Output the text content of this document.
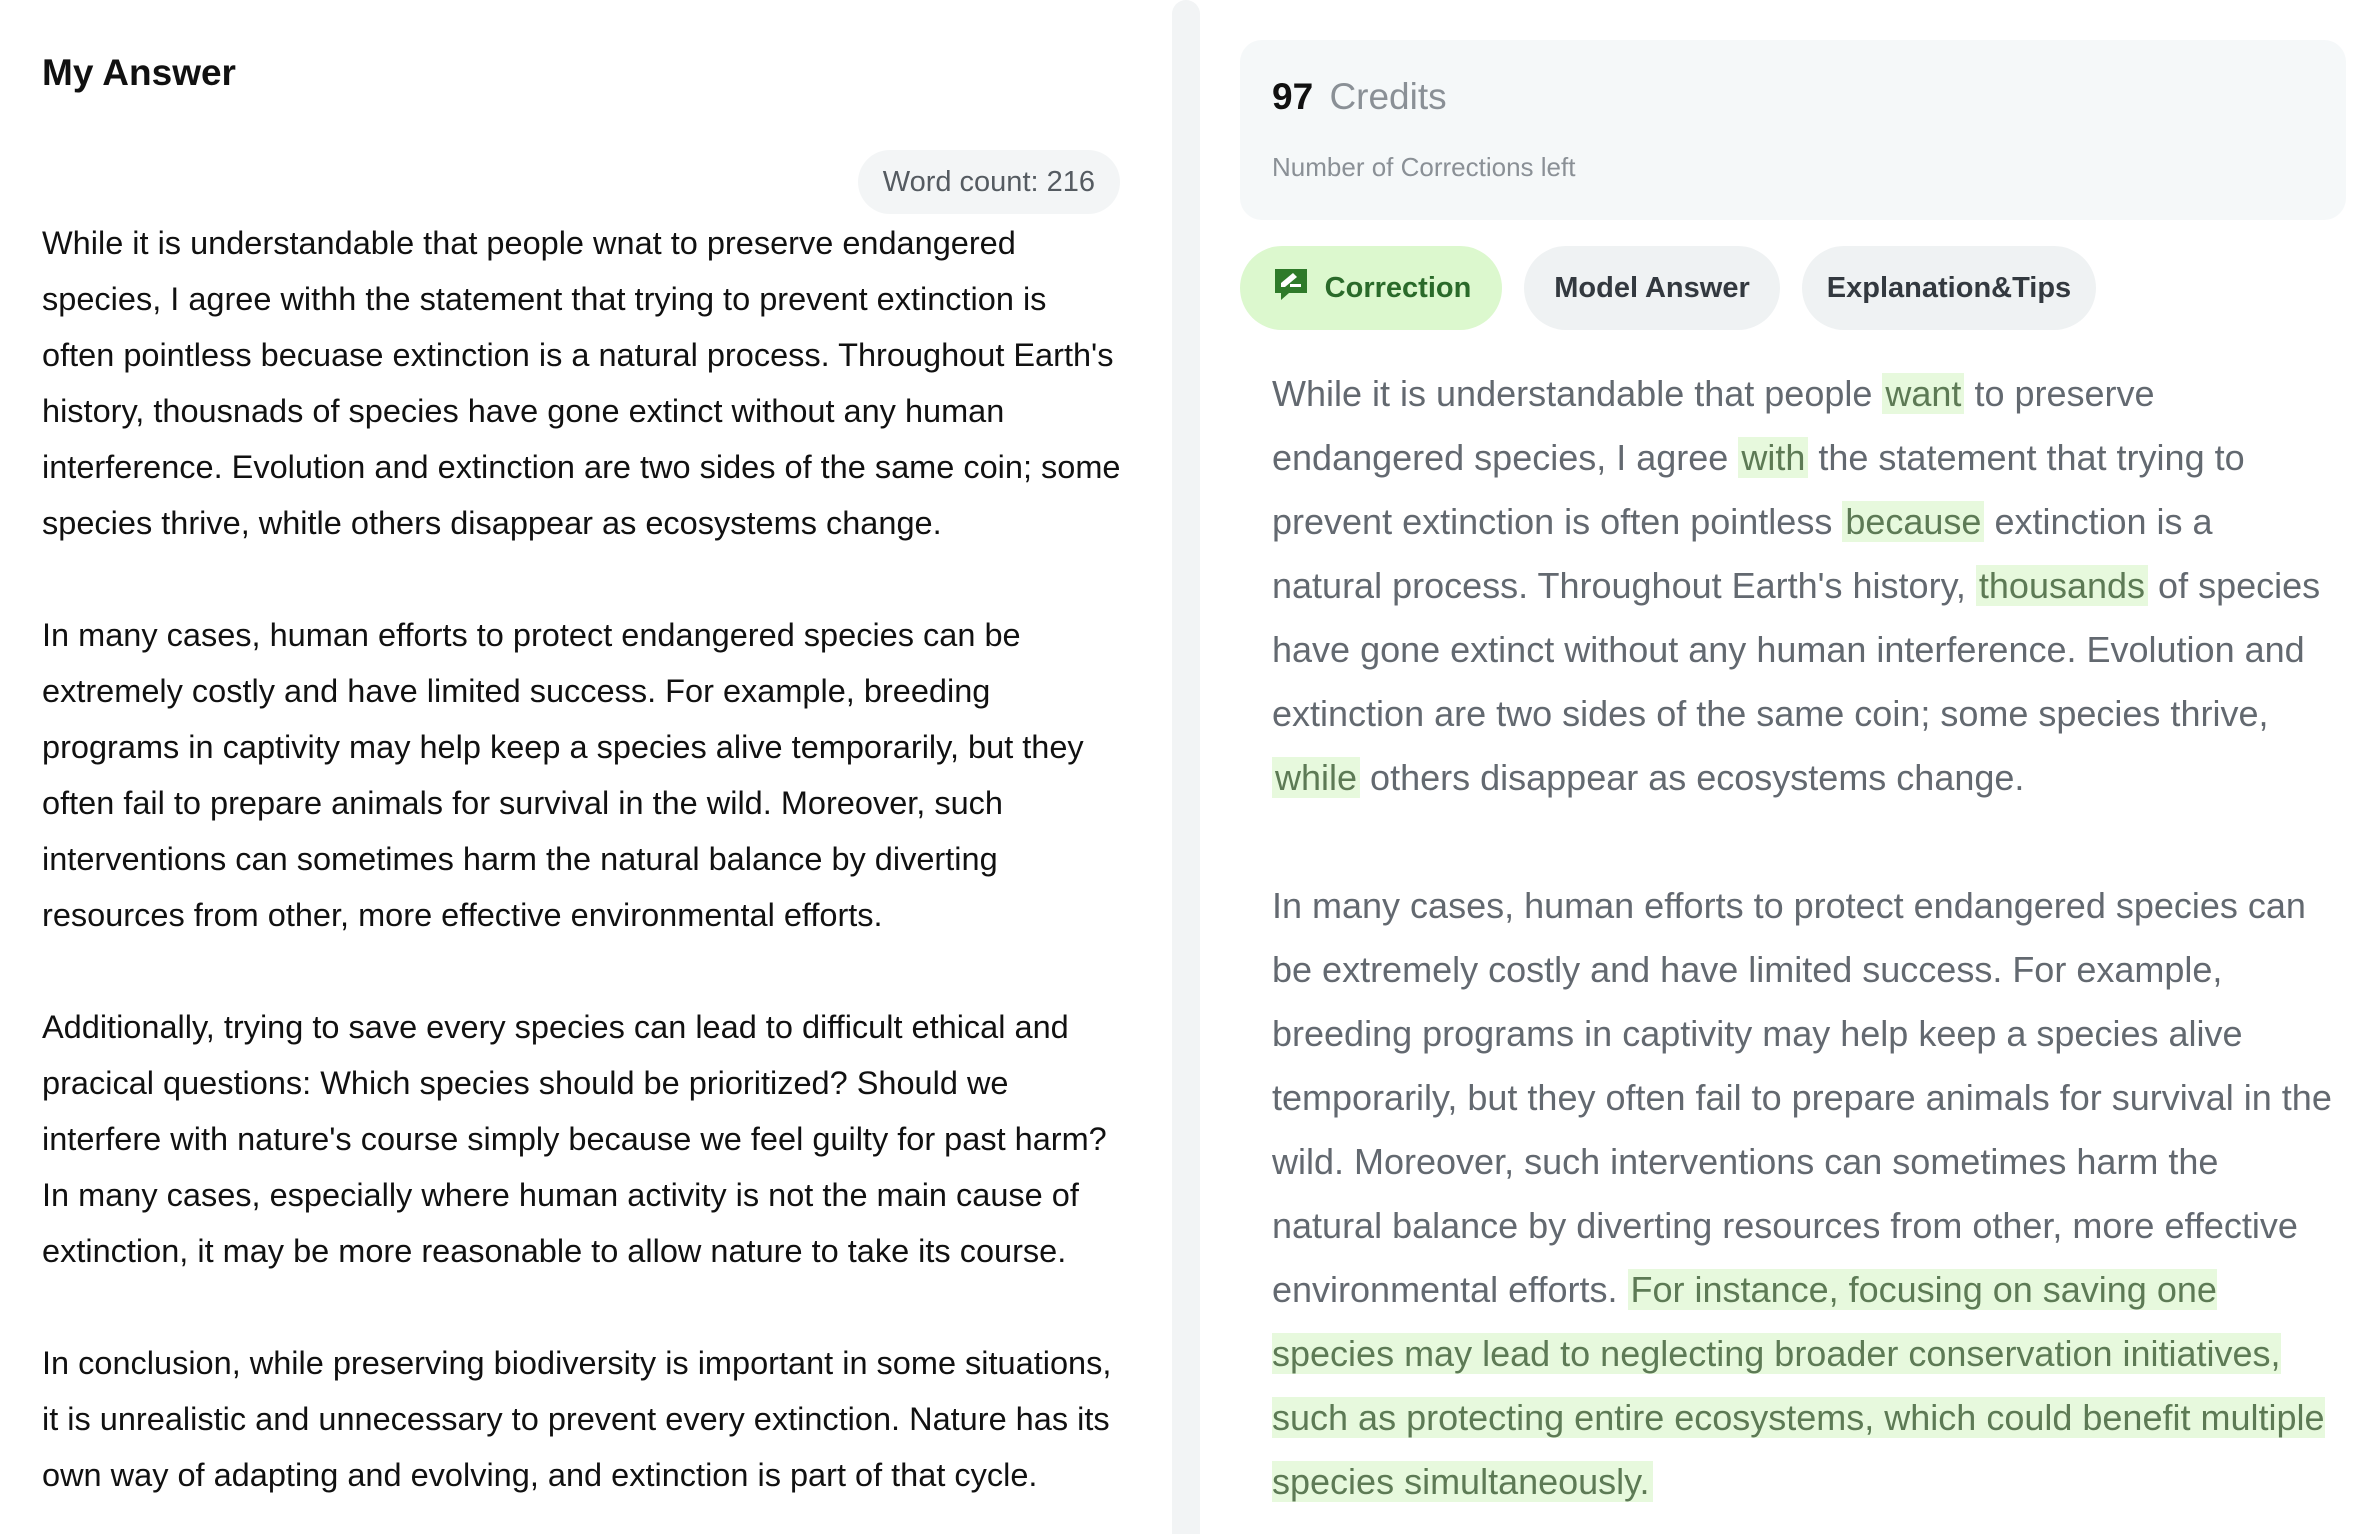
My Answer
Word count: 216

While it is understandable that people wnat to preserve endangered species, I agree withh the statement that trying to prevent extinction is often pointless becuase extinction is a natural process. Throughout Earth's history, thousnads of species have gone extinct without any human interference. Evolution and extinction are two sides of the same coin; some species thrive, whitle others disappear as ecosystems change.

In many cases, human efforts to protect endangered species can be extremely costly and have limited success. For example, breeding programs in captivity may help keep a species alive temporarily, but they often fail to prepare animals for survival in the wild. Moreover, such interventions can sometimes harm the natural balance by diverting resources from other, more effective environmental efforts.

Additionally, trying to save every species can lead to difficult ethical and pracical questions: Which species should be prioritized? Should we interfere with nature's course simply because we feel guilty for past harm? In many cases, especially where human activity is not the main cause of extinction, it may be more reasonable to allow nature to take its course.

In conclusion, while preserving biodiversity is important in some situations, it is unrealistic and unnecessary to prevent every extinction. Nature has its own way of adapting and evolving, and extinction is part of that cycle.

97 Credits
Number of Corrections left
Correction	Model Answer	Explanation&Tips

While it is understandable that people want to preserve endangered species, I agree with the statement that trying to prevent extinction is often pointless because extinction is a natural process. Throughout Earth's history, thousands of species have gone extinct without any human interference. Evolution and extinction are two sides of the same coin; some species thrive, while others disappear as ecosystems change.

In many cases, human efforts to protect endangered species can be extremely costly and have limited success. For example, breeding programs in captivity may help keep a species alive temporarily, but they often fail to prepare animals for survival in the wild. Moreover, such interventions can sometimes harm the natural balance by diverting resources from other, more effective environmental efforts. For instance, focusing on saving one species may lead to neglecting broader conservation initiatives, such as protecting entire ecosystems, which could benefit multiple species simultaneously.
